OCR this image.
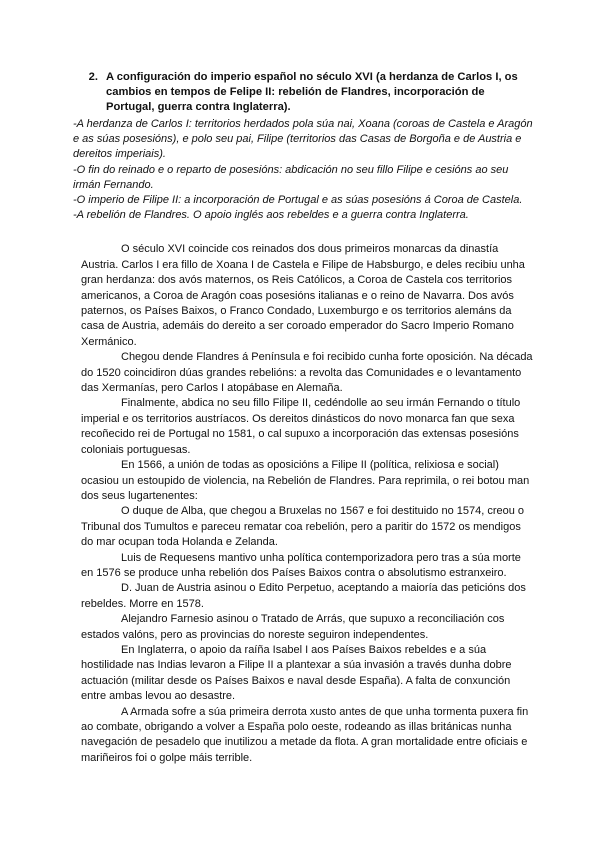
2. A configuración do imperio español no século XVI (a herdanza de Carlos I, os cambios en tempos de Felipe II: rebelión de Flandres, incorporación de Portugal, guerra contra Inglaterra).

-A herdanza de Carlos I: territorios herdados pola súa nai, Xoana (coroas de Castela e Aragón e as súas posesións), e polo seu pai, Filipe (territorios das Casas de Borgoña e de Austria e dereitos imperiais).

-O fin do reinado e o reparto de posesións: abdicación no seu fillo Filipe e cesións ao seu irmán Fernando.

-O imperio de Filipe II: a incorporación de Portugal e as súas posesións á Coroa de Castela.

-A rebelión de Flandres. O apoio inglés aos rebeldes e a guerra contra Inglaterra.

O século XVI coincide cos reinados dos dous primeiros monarcas da dinastía Austria. Carlos I era fillo de Xoana I de Castela e Filipe de Habsburgo, e deles recibiu unha gran herdanza: dos avós maternos, os Reis Católicos, a Coroa de Castela cos territorios americanos, a Coroa de Aragón coas posesións italianas e o reino de Navarra. Dos avós paternos, os Países Baixos, o Franco Condado, Luxemburgo e os territorios alemáns da casa de Austria, ademáis do dereito a ser coroado emperador do Sacro Imperio Romano Xermánico.

Chegou dende Flandres á Península e foi recibido cunha forte oposición. Na década do 1520 coincidiron dúas grandes rebelións: a revolta das Comunidades e o levantamento das Xermanías, pero Carlos I atopábase en Alemaña.

Finalmente, abdica no seu fillo Filipe II, cedéndolle ao seu irmán Fernando o título imperial e os territorios austríacos. Os dereitos dinásticos do novo monarca fan que sexa recoñecido rei de Portugal no 1581, o cal supuxo a incorporación das extensas posesións coloniais portuguesas.

En 1566, a unión de todas as oposicións a Filipe II (política, relixiosa e social) ocasiou un estoupido de violencia, na Rebelión de Flandres. Para reprimila, o rei botou man dos seus lugartenentes:

O duque de Alba, que chegou a Bruxelas no 1567 e foi destituido no 1574, creou o Tribunal dos Tumultos e pareceu rematar coa rebelión, pero a paritir do 1572 os mendigos do mar ocupan toda Holanda e Zelanda.

Luis de Requesens mantivo unha política contemporizadora pero tras a súa morte en 1576 se produce unha rebelión dos Países Baixos contra o absolutismo estranxeiro.

D. Juan de Austria asinou o Edito Perpetuo, aceptando a maioría das peticións dos rebeldes. Morre en 1578.

Alejandro Farnesio asinou o Tratado de Arrás, que supuxo a reconciliación cos estados valóns, pero as provincias do noreste seguiron independentes.

En Inglaterra, o apoio da raíña Isabel I aos Países Baixos rebeldes e a súa hostilidade nas Indias levaron a Filipe II a plantexar a súa invasión a través dunha dobre actuación (militar desde os Países Baixos e naval desde España). A falta de conxunción entre ambas levou ao desastre.

A Armada sofre a súa primeira derrota xusto antes de que unha tormenta puxera fin ao combate, obrigando a volver a España polo oeste, rodeando as illas británicas nunha navegación de pesadelo que inutilizou a metade da flota. A gran mortalidade entre oficiais e mariñeiros foi o golpe máis terrible.
